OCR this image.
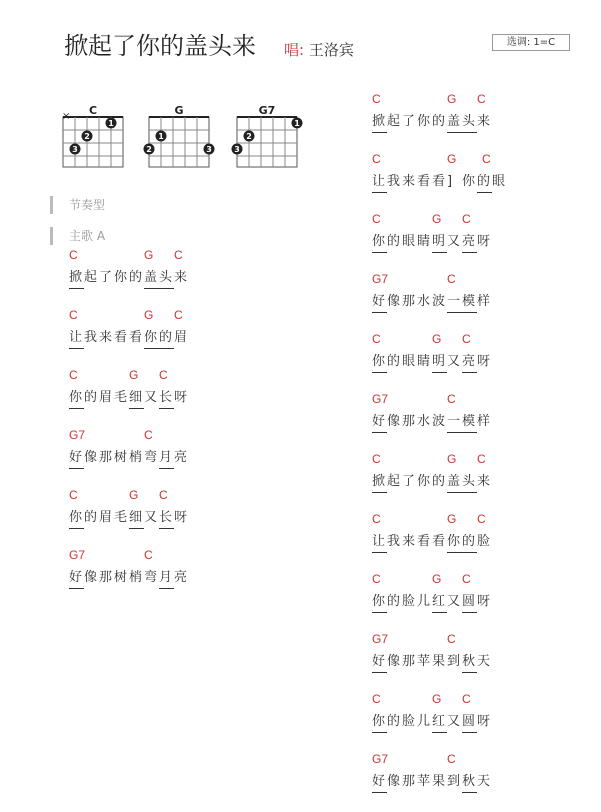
掀起了你的盖头来 唱: 王洛宾	选调: 1=C
C
×
1
2
3
G
1
2	3
G7
1
2
3
节奏型
主歌 A
C	G C
掀 起 了 你 的 盖 头 来
C	G C
让 我 来 看 看 你 的 眉
C	G C
你 的 眉 毛 细 又 长 呀
G7	C
好 像 那 树 梢 弯 月 亮
C	G C
你 的 眉 毛 细 又 长 呀
G7	C
好 像 那 树 梢 弯 月 亮
C	G C
掀 起 了 你 的 盖 头 来
C	G C
让 我 来 看 看 ] 你 的 眼
C	G C
你 的 眼 睛 明 又 亮 呀
G7	C
好 像 那 水 波 一 模 样
C	G C
你 的 眼 睛 明 又 亮 呀
G7	C
好 像 那 水 波 一 模 样
C	G C
掀 起 了 你 的 盖 头 来
C	G C
让 我 来 看 看 你 的 脸
C	G C
你 的 脸 儿 红 又 圆 呀
G7	C
好 像 那 苹 果 到 秋 天
C	G C
你 的 脸 儿 红 又 圆 呀
G7	C
好 像 那 苹 果 到 秋 天
